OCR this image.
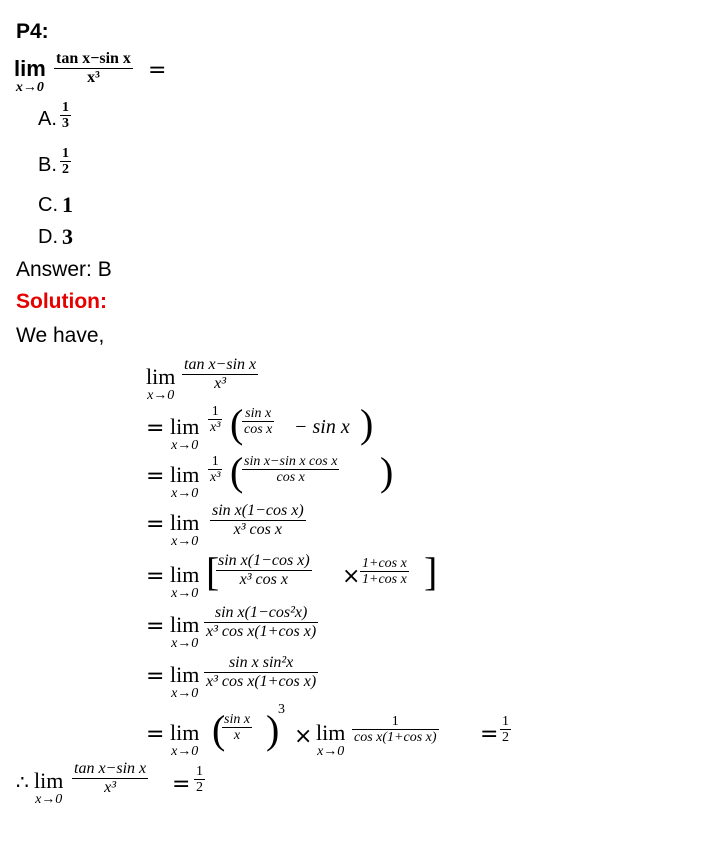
P4:
lim
x→0
tan x−sin x
x³	=
A.
1
3
B.
1
2
C. 1
D. 3
Answer: B
Solution:
We have,
lim
x→0
tan x−sin x
x³
= lim
x→0
1
x³ ( sin x
cos x − sin x )
= lim
x→0
1
x³ ( sin x−sin x cos x
cos x	)
= lim
x→0
sin x(1−cos x)
x³ cos x
= lim
x→0 [
sin x(1−cos x)
x³ cos x	×
1+cos x
1+cos x ]
= lim
x→0
sin x(1−cos²x)
x³ cos x(1+cos x)
= lim
x→0
sin x sin²x
x³ cos x(1+cos x)
= lim
x→0 (
sin x
x )
3
× lim
x→0
1
cos x(1+cos x) =
1
2
∴ lim
x→0
tan x−sin x
x³	=
1
2
